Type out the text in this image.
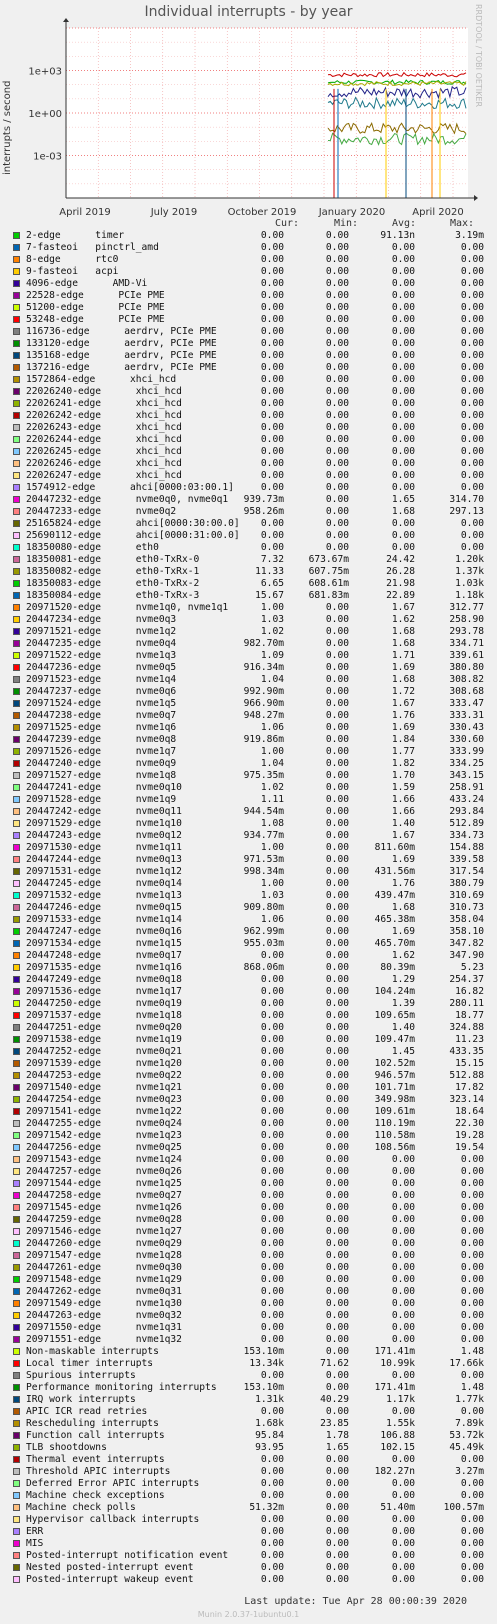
Individual interrupts - by year
interrupts / second
RRDTOOL / TOBI OETIKER
1e+03
1e+00
1e-03
April 2019	July 2019	October 2019 January 2020	April 2020
Cur:	Min:	Avg:	Max:
2-edge      timer	0.00	0.00	91.13n	3.19m
7-fasteoi   pinctrl_amd	0.00	0.00	0.00	0.00
8-edge      rtc0	0.00	0.00	0.00	0.00
9-fasteoi   acpi	0.00	0.00	0.00	0.00
4096-edge      AMD-Vi	0.00	0.00	0.00	0.00
22528-edge      PCIe PME	0.00	0.00	0.00	0.00
51200-edge      PCIe PME	0.00	0.00	0.00	0.00
53248-edge      PCIe PME	0.00	0.00	0.00	0.00
116736-edge      aerdrv, PCIe PME	0.00	0.00	0.00	0.00
133120-edge      aerdrv, PCIe PME	0.00	0.00	0.00	0.00
135168-edge      aerdrv, PCIe PME	0.00	0.00	0.00	0.00
137216-edge      aerdrv, PCIe PME	0.00	0.00	0.00	0.00
1572864-edge      xhci_hcd	0.00	0.00	0.00	0.00
22026240-edge      xhci_hcd	0.00	0.00	0.00	0.00
22026241-edge      xhci_hcd	0.00	0.00	0.00	0.00
22026242-edge      xhci_hcd	0.00	0.00	0.00	0.00
22026243-edge      xhci_hcd	0.00	0.00	0.00	0.00
22026244-edge      xhci_hcd	0.00	0.00	0.00	0.00
22026245-edge      xhci_hcd	0.00	0.00	0.00	0.00
22026246-edge      xhci_hcd	0.00	0.00	0.00	0.00
22026247-edge      xhci_hcd	0.00	0.00	0.00	0.00
1574912-edge      ahci[0000:03:00.1]	0.00	0.00	0.00	0.00
20447232-edge      nvme0q0, nvme0q1	939.73m	0.00	1.65	314.70
20447233-edge      nvme0q2	958.26m	0.00	1.68	297.13
25165824-edge      ahci[0000:30:00.0]	0.00	0.00	0.00	0.00
25690112-edge      ahci[0000:31:00.0]	0.00	0.00	0.00	0.00
18350080-edge      eth0	0.00	0.00	0.00	0.00
18350081-edge      eth0-TxRx-0	7.32	673.67m	24.42	1.20k
18350082-edge      eth0-TxRx-1	11.33	607.75m	26.28	1.37k
18350083-edge      eth0-TxRx-2	6.65	608.61m	21.98	1.03k
18350084-edge      eth0-TxRx-3	15.67	681.83m	22.89	1.18k
20971520-edge      nvme1q0, nvme1q1	1.00	0.00	1.67	312.77
20447234-edge      nvme0q3	1.03	0.00	1.62	258.90
20971521-edge      nvme1q2	1.02	0.00	1.68	293.78
20447235-edge      nvme0q4	982.70m	0.00	1.68	334.71
20971522-edge      nvme1q3	1.09	0.00	1.71	339.61
20447236-edge      nvme0q5	916.34m	0.00	1.69	380.80
20971523-edge      nvme1q4	1.04	0.00	1.68	308.82
20447237-edge      nvme0q6	992.90m	0.00	1.72	308.68
20971524-edge      nvme1q5	966.90m	0.00	1.67	333.47
20447238-edge      nvme0q7	948.27m	0.00	1.76	333.31
20971525-edge      nvme1q6	1.06	0.00	1.69	330.43
20447239-edge      nvme0q8	919.86m	0.00	1.84	330.60
20971526-edge      nvme1q7	1.00	0.00	1.77	333.99
20447240-edge      nvme0q9	1.04	0.00	1.82	334.25
20971527-edge      nvme1q8	975.35m	0.00	1.70	343.15
20447241-edge      nvme0q10	1.02	0.00	1.59	258.91
20971528-edge      nvme1q9	1.11	0.00	1.66	433.24
20447242-edge      nvme0q11	944.54m	0.00	1.66	293.84
20971529-edge      nvme1q10	1.08	0.00	1.40	512.89
20447243-edge      nvme0q12	934.77m	0.00	1.67	334.73
20971530-edge      nvme1q11	1.00	0.00	811.60m	154.88
20447244-edge      nvme0q13	971.53m	0.00	1.69	339.58
20971531-edge      nvme1q12	998.34m	0.00	431.56m	317.54
20447245-edge      nvme0q14	1.00	0.00	1.76	380.79
20971532-edge      nvme1q13	1.03	0.00	439.47m	310.69
20447246-edge      nvme0q15	909.80m	0.00	1.68	310.73
20971533-edge      nvme1q14	1.06	0.00	465.38m	358.04
20447247-edge      nvme0q16	962.99m	0.00	1.69	358.10
20971534-edge      nvme1q15	955.03m	0.00	465.70m	347.82
20447248-edge      nvme0q17	0.00	0.00	1.62	347.90
20971535-edge      nvme1q16	868.06m	0.00	80.39m	5.23
20447249-edge      nvme0q18	0.00	0.00	1.29	254.37
20971536-edge      nvme1q17	0.00	0.00	104.24m	16.82
20447250-edge      nvme0q19	0.00	0.00	1.39	280.11
20971537-edge      nvme1q18	0.00	0.00	109.65m	18.77
20447251-edge      nvme0q20	0.00	0.00	1.40	324.88
20971538-edge      nvme1q19	0.00	0.00	109.47m	11.23
20447252-edge      nvme0q21	0.00	0.00	1.45	433.35
20971539-edge      nvme1q20	0.00	0.00	102.52m	15.15
20447253-edge      nvme0q22	0.00	0.00	946.57m	512.88
20971540-edge      nvme1q21	0.00	0.00	101.71m	17.82
20447254-edge      nvme0q23	0.00	0.00	349.98m	323.14
20971541-edge      nvme1q22	0.00	0.00	109.61m	18.64
20447255-edge      nvme0q24	0.00	0.00	110.19m	22.30
20971542-edge      nvme1q23	0.00	0.00	110.58m	19.28
20447256-edge      nvme0q25	0.00	0.00	108.56m	19.54
20971543-edge      nvme1q24	0.00	0.00	0.00	0.00
20447257-edge      nvme0q26	0.00	0.00	0.00	0.00
20971544-edge      nvme1q25	0.00	0.00	0.00	0.00
20447258-edge      nvme0q27	0.00	0.00	0.00	0.00
20971545-edge      nvme1q26	0.00	0.00	0.00	0.00
20447259-edge      nvme0q28	0.00	0.00	0.00	0.00
20971546-edge      nvme1q27	0.00	0.00	0.00	0.00
20447260-edge      nvme0q29	0.00	0.00	0.00	0.00
20971547-edge      nvme1q28	0.00	0.00	0.00	0.00
20447261-edge      nvme0q30	0.00	0.00	0.00	0.00
20971548-edge      nvme1q29	0.00	0.00	0.00	0.00
20447262-edge      nvme0q31	0.00	0.00	0.00	0.00
20971549-edge      nvme1q30	0.00	0.00	0.00	0.00
20447263-edge      nvme0q32	0.00	0.00	0.00	0.00
20971550-edge      nvme1q31	0.00	0.00	0.00	0.00
20971551-edge      nvme1q32	0.00	0.00	0.00	0.00
Non-maskable interrupts	153.10m	0.00	171.41m	1.48
Local timer interrupts	13.34k	71.62	10.99k	17.66k
Spurious interrupts	0.00	0.00	0.00	0.00
Performance monitoring interrupts	153.10m	0.00	171.41m	1.48
IRQ work interrupts	1.31k	40.29	1.17k	1.77k
APIC ICR read retries	0.00	0.00	0.00	0.00
Rescheduling interrupts	1.68k	23.85	1.55k	7.89k
Function call interrupts	95.84	1.78	106.88	53.72k
TLB shootdowns	93.95	1.65	102.15	45.49k
Thermal event interrupts	0.00	0.00	0.00	0.00
Threshold APIC interrupts	0.00	0.00	182.27n	3.27m
Deferred Error APIC interrupts	0.00	0.00	0.00	0.00
Machine check exceptions	0.00	0.00	0.00	0.00
Machine check polls	51.32m	0.00	51.40m	100.57m
Hypervisor callback interrupts	0.00	0.00	0.00	0.00
ERR	0.00	0.00	0.00	0.00
MIS	0.00	0.00	0.00	0.00
Posted-interrupt notification event	0.00	0.00	0.00	0.00
Nested posted-interrupt event	0.00	0.00	0.00	0.00
Posted-interrupt wakeup event	0.00	0.00	0.00	0.00
Last update: Tue Apr 28 00:00:39 2020
Munin 2.0.37-1ubuntu0.1
